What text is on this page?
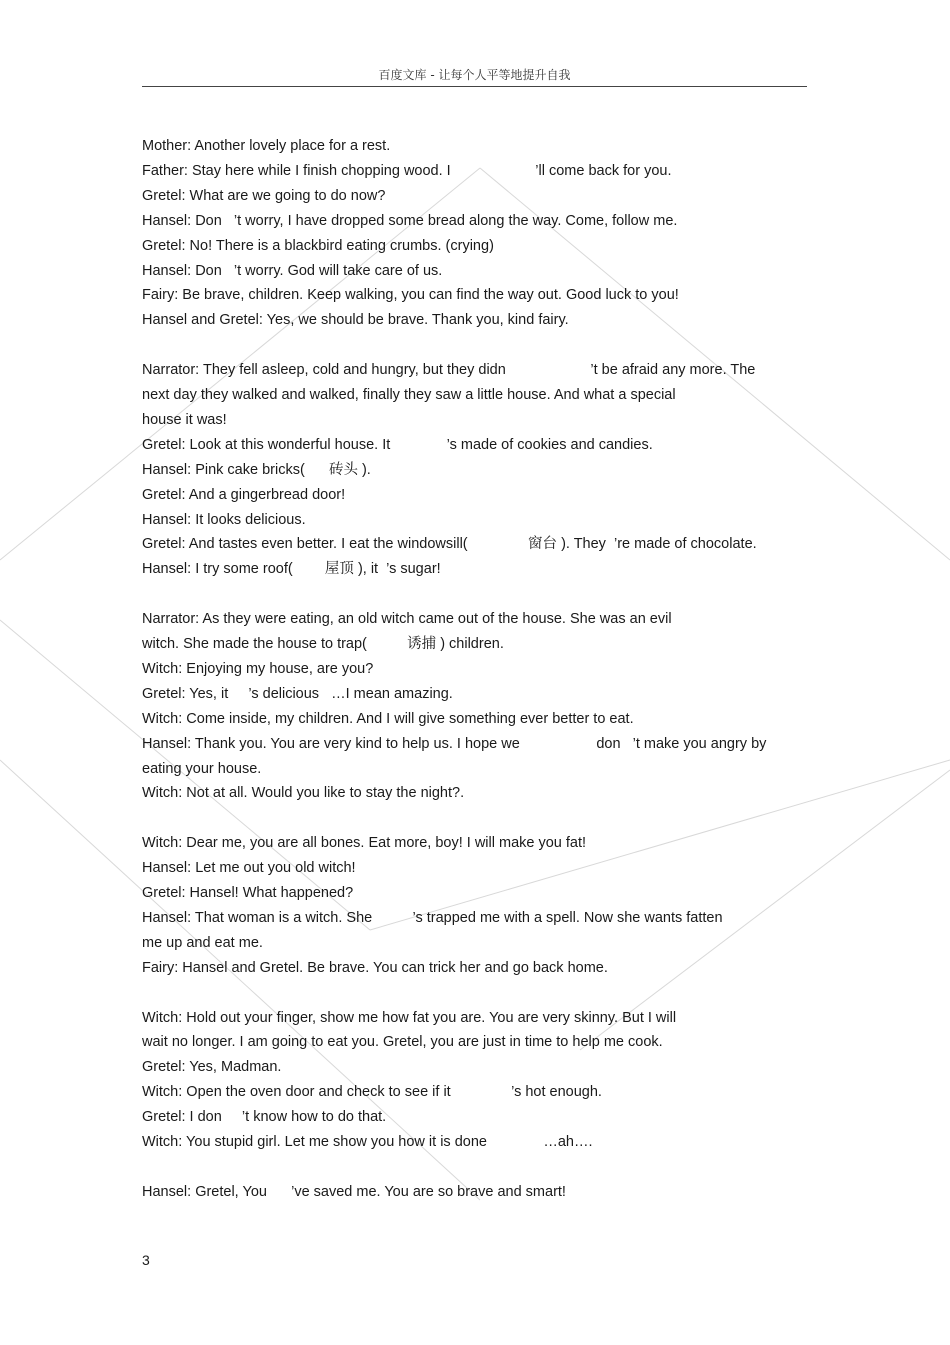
百度文库 - 让每个人平等地提升自我
Mother: Another lovely place for a rest.
Father: Stay here while I finish chopping wood. I                     ’ll come back for you.
Gretel: What are we going to do now?
Hansel: Don   ’t worry, I have dropped some bread along the way. Come, follow me.
Gretel: No! There is a blackbird eating crumbs. (crying)
Hansel: Don   ’t worry. God will take care of us.
Fairy: Be brave, children. Keep walking, you can find the way out. Good luck to you!
Hansel and Gretel: Yes, we should be brave. Thank you, kind fairy.
Narrator: They fell asleep, cold and hungry, but they didn                     ’t be afraid any more. The
next day they walked and walked, finally they saw a little house. And what a special
house it was!
Gretel: Look at this wonderful house. It              ’s made of cookies and candies.
Hansel: Pink cake bricks(      砖头 ).
Gretel: And a gingerbread door!
Hansel: It looks delicious.
Gretel: And tastes even better. I eat the windowsill(               窗台 ). They  ’re made of chocolate.
Hansel: I try some roof(        屋顶 ), it  ’s sugar!
Narrator: As they were eating, an old witch came out of the house. She was an evil
witch. She made the house to trap(          诱捕 ) children.
Witch: Enjoying my house, are you?
Gretel: Yes, it     ’s delicious   …I mean amazing.
Witch: Come inside, my children. And I will give something ever better to eat.
Hansel: Thank you. You are very kind to help us. I hope we                   don   ’t make you angry by
eating your house.
Witch: Not at all. Would you like to stay the night?.
Witch: Dear me, you are all bones. Eat more, boy! I will make you fat!
Hansel: Let me out you old witch!
Gretel: Hansel! What happened?
Hansel: That woman is a witch. She          ’s trapped me with a spell. Now she wants fatten
me up and eat me.
Fairy: Hansel and Gretel. Be brave. You can trick her and go back home.
Witch: Hold out your finger, show me how fat you are. You are very skinny. But I will
wait no longer. I am going to eat you. Gretel, you are just in time to help me cook.
Gretel: Yes, Madman.
Witch: Open the oven door and check to see if it               ’s hot enough.
Gretel: I don     ’t know how to do that.
Witch: You stupid girl. Let me show you how it is done              …ah….
Hansel: Gretel, You      ’ve saved me. You are so brave and smart!
3
